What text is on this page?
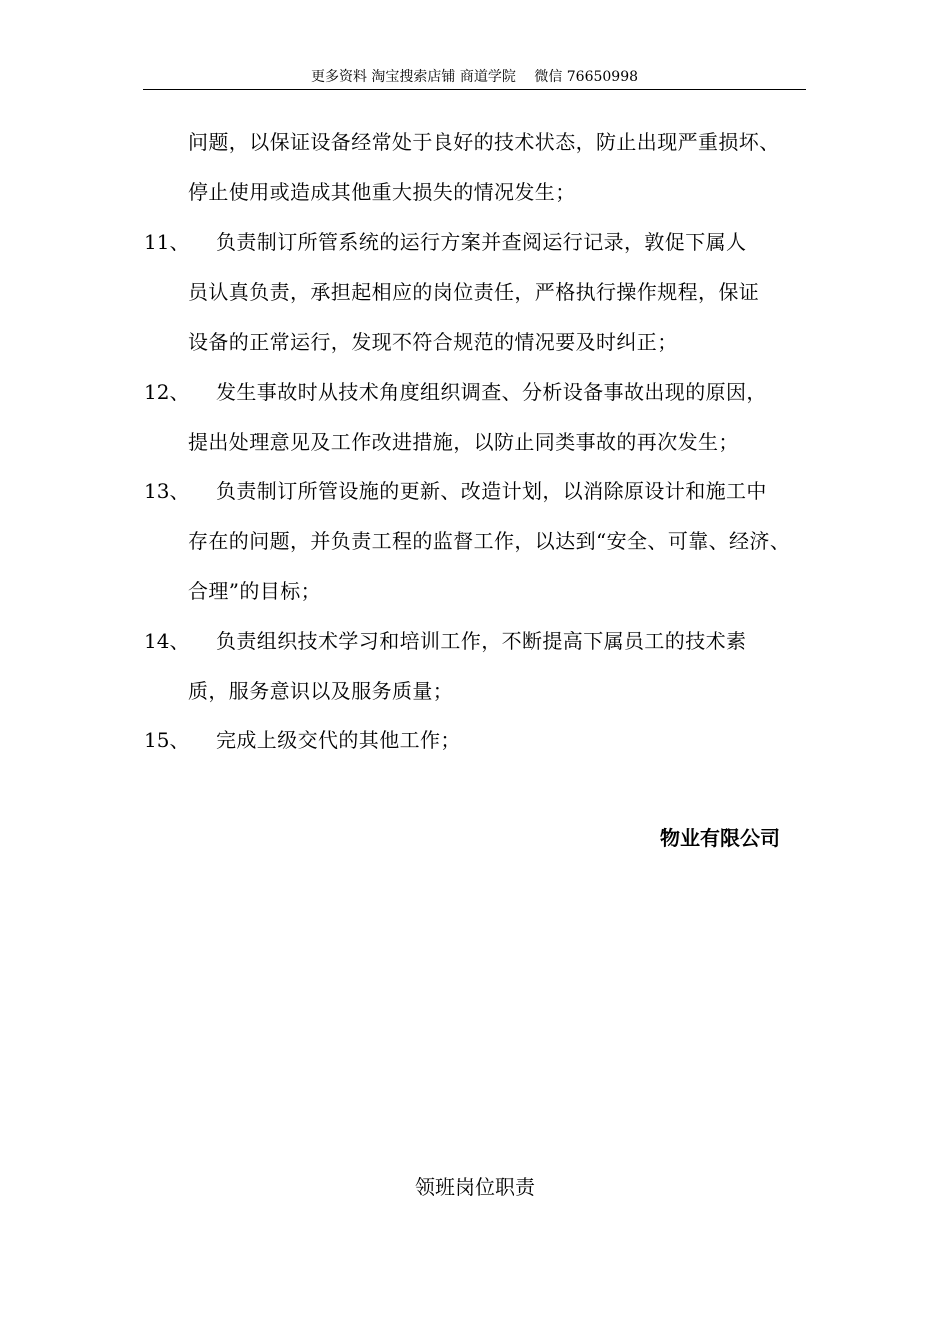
更多资料 淘宝搜索店铺 商道学院 　微信 76650998
问题，以保证设备经常处于良好的技术状态，防止出现严重损坏、
停止使用或造成其他重大损失的情况发生；
11、 负责制订所管系统的运行方案并查阅运行记录，敦促下属人
员认真负责，承担起相应的岗位责任，严格执行操作规程，保证
设备的正常运行，发现不符合规范的情况要及时纠正；
12、 发生事故时从技术角度组织调查、分析设备事故出现的原因，
提出处理意见及工作改进措施，以防止同类事故的再次发生；
13、 负责制订所管设施的更新、改造计划，以消除原设计和施工中
存在的问题，并负责工程的监督工作，以达到“安全、可靠、经济、
合理”的目标；
14、 负责组织技术学习和培训工作，不断提高下属员工的技术素
质，服务意识以及服务质量；
15、 完成上级交代的其他工作；
物业有限公司
领班岗位职责
